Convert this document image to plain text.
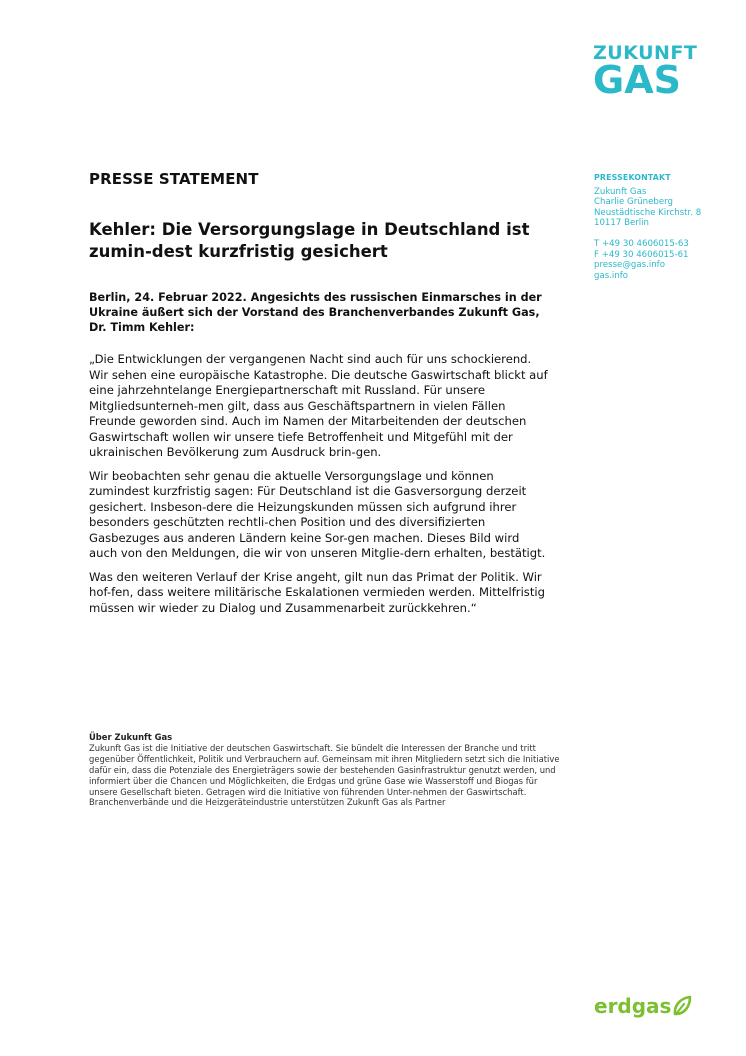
ZUKUNFT
GAS
PRESSE STATEMENT
Kehler: Die Versorgungslage in Deutschland ist zumin-dest kurzfristig gesichert
Berlin, 24. Februar 2022. Angesichts des russischen Einmarsches in der Ukraine äußert sich der Vorstand des Branchenverbandes Zukunft Gas, Dr. Timm Kehler:
„Die Entwicklungen der vergangenen Nacht sind auch für uns schockierend. Wir sehen eine europäische Katastrophe. Die deutsche Gaswirtschaft blickt auf eine jahrzehntelange Energiepartnerschaft mit Russland. Für unsere Mitgliedsunterneh-men gilt, dass aus Geschäftspartnern in vielen Fällen Freunde geworden sind. Auch im Namen der Mitarbeitenden der deutschen Gaswirtschaft wollen wir unsere tiefe Betroffenheit und Mitgefühl mit der ukrainischen Bevölkerung zum Ausdruck brin-gen.
Wir beobachten sehr genau die aktuelle Versorgungslage und können zumindest kurzfristig sagen: Für Deutschland ist die Gasversorgung derzeit gesichert. Insbeson-dere die Heizungskunden müssen sich aufgrund ihrer besonders geschützten rechtli-chen Position und des diversifizierten Gasbezuges aus anderen Ländern keine Sor-gen machen. Dieses Bild wird auch von den Meldungen, die wir von unseren Mitglie-dern erhalten, bestätigt.
Was den weiteren Verlauf der Krise angeht, gilt nun das Primat der Politik. Wir hof-fen, dass weitere militärische Eskalationen vermieden werden. Mittelfristig müssen wir wieder zu Dialog und Zusammenarbeit zurückkehren.“
PRESSEKONTAKT
Zukunft Gas
Charlie Grüneberg
Neustädtische Kirchstr. 8
10117 Berlin
T +49 30 4606015-63
F +49 30 4606015-61
presse@gas.info
gas.info
Über Zukunft Gas
Zukunft Gas ist die Initiative der deutschen Gaswirtschaft. Sie bündelt die Interessen der Branche und tritt gegenüber Öffentlichkeit, Politik und Verbrauchern auf. Gemeinsam mit ihren Mitgliedern setzt sich die Initiative dafür ein, dass die Potenziale des Energieträgers sowie der bestehenden Gasinfrastruktur genutzt werden, und informiert über die Chancen und Möglichkeiten, die Erdgas und grüne Gase wie Wasserstoff und Biogas für unsere Gesellschaft bieten. Getragen wird die Initiative von führenden Unter-nehmen der Gaswirtschaft. Branchenverbände und die Heizgeräteindustrie unterstützen Zukunft Gas als Partner
erdgas
